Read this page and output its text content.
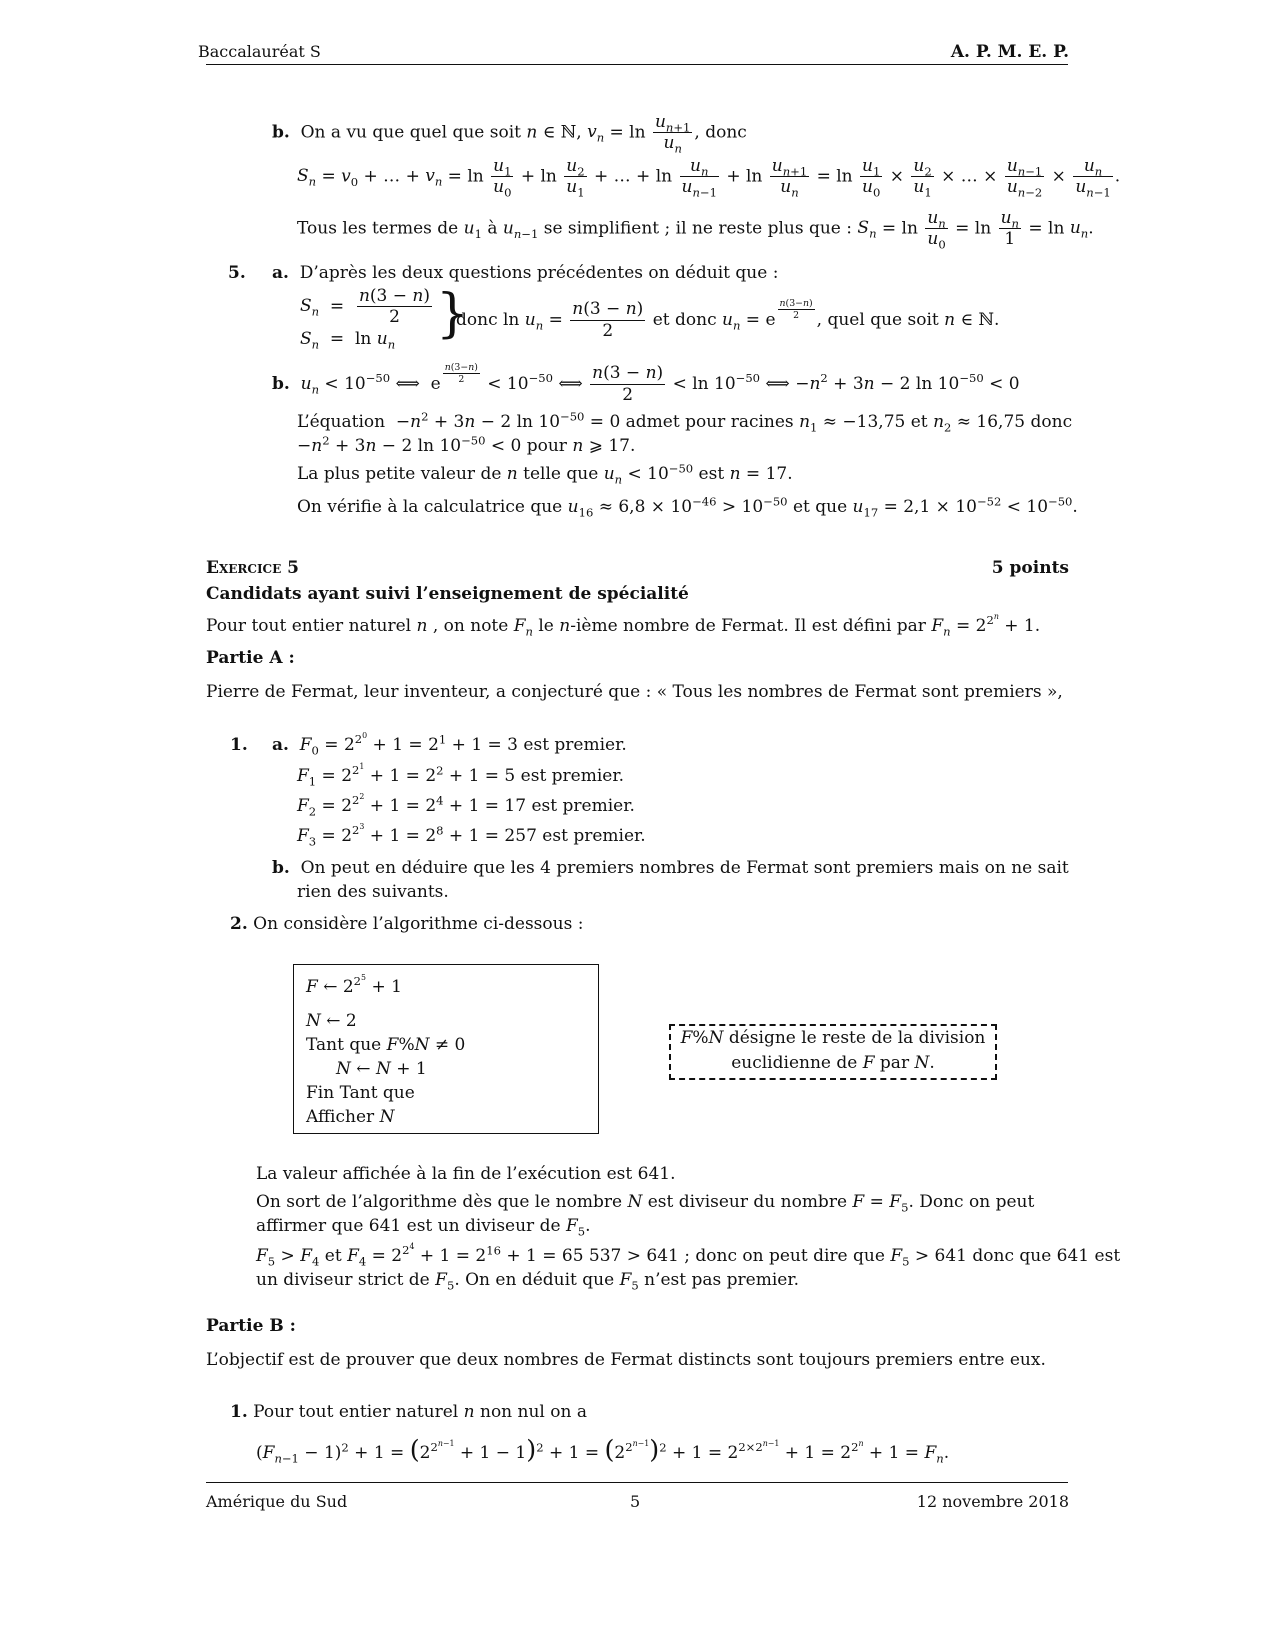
Baccalauréat S	A. P. M. E. P.
b. On a vu que quel que soit n ∈ ℕ, $v_n = \ln \frac{u_{n+1}}{u_n}$ , donc
$S_n = v_0$ + … + $v_n = \ln \frac{u_1}{u_0} + \ln \frac{u_2}{u_1}$ + … + $\ln \frac{u_n}{u_{n-1}} + \ln \frac{u_{n+1}}{u_n} = \ln \frac{u_1}{u_0} \times \frac{u_2}{u_1}$ × … × $\frac{u_{n-1}}{u_{n-2}} \times \frac{u_n}{u_{n-1}}$ .
Tous les termes de $u_1$ à $u_{n-1}$ se simplifient ; il ne reste plus que : $S_n = \ln \frac{u_n}{u_0} = \ln \frac{u_n}{1} = \ln u_n$.
5. a. D’après les deux questions précédentes on déduit que :
$S_n = \frac{n(3 - n)}{2}$
$S_n = \ln u_n$
}
donc $\ln u_n = \frac{n(3 - n)}{2}$ et donc $u_n = e \frac{n(3-n)}{2}$ , quel que soit n ∈ ℕ.
b. $u_n < 10^{-50}$ ⟺  e $\frac{n(3-n)}{2} < 10^{-50}$ ⟺ $\frac{n(3 - n)}{2} < \ln 10^{-50}$ ⟺ $-n^2 + 3n - 2$ $\ln 10^{-50} < 0$
L’équation  $-n^2 + 3n - 2$ $\ln 10^{-50} = 0$ admet pour racines $n_1 \approx -13,75$ et $n_2 \approx 16,75$ donc
$-n^2 + 3n - 2$ $\ln 10^{-50} < 0$ pour n ⩾ 17.
La plus petite valeur de n telle que $u_n < 10^{-50}$ est n = 17.
On vérifie à la calculatrice que $u_{16} \approx 6,8 \times 10^{-46} > 10^{-50}$ et que $u_{17} = 2,1 \times 10^{-52} < 10^{-50}$.
Exercice 5	5 points
Candidats ayant suivi l’enseignement de spécialité
Pour tout entier naturel n , on note $F_n$ le n-ième nombre de Fermat. Il est défini par $F_n = 2^{2^n} + 1$.
Partie A :
Pierre de Fermat, leur inventeur, a conjecturé que : « Tous les nombres de Fermat sont premiers »,
1. a. $F_0 = 2^{2^0} + 1 = 2^1 + 1 = 3$ est premier.
$F_1 = 2^{2^1} + 1 = 2^2 + 1 = 5$ est premier.
$F_2 = 2^{2^2} + 1 = 2^4 + 1 = 17$ est premier.
$F_3 = 2^{2^3} + 1 = 2^8 + 1 = 257$ est premier.
b. On peut en déduire que les 4 premiers nombres de Fermat sont premiers mais on ne sait
rien des suivants.
2. On considère l’algorithme ci-dessous :
F ← $2^{2^5} + 1$
N ← 2
Tant que F%N ≠ 0
N ← N + 1
Fin Tant que
Afficher N
F%N désigne le reste de la division
euclidienne de F par N.
La valeur affichée à la fin de l’exécution est 641.
On sort de l’algorithme dès que le nombre N est diviseur du nombre $F = F_5$. Donc on peut
affirmer que 641 est un diviseur de $F_5$.
$F_5 > F_4$ et $F_4 = 2^{2^4} + 1 = 2^{16} + 1 = 65$ 537 > 641 ; donc on peut dire que $F_5 > 641$ donc que 641 est
un diviseur strict de $F_5$. On en déduit que $F_5$ n’est pas premier.
Partie B :
L’objectif est de prouver que deux nombres de Fermat distincts sont toujours premiers entre eux.
1. Pour tout entier naturel n non nul on a
$(F_{n-1} - 1)^2 + 1 = (2^{2^{n-1}} + 1 - 1)^2 + 1 = (2^{2^{n-1}})^2 + 1 = 2^{2\times 2^{n-1}} + 1 = 2^{2^n} + 1 = F_n$.
Amérique du Sud	5	12 novembre 2018
